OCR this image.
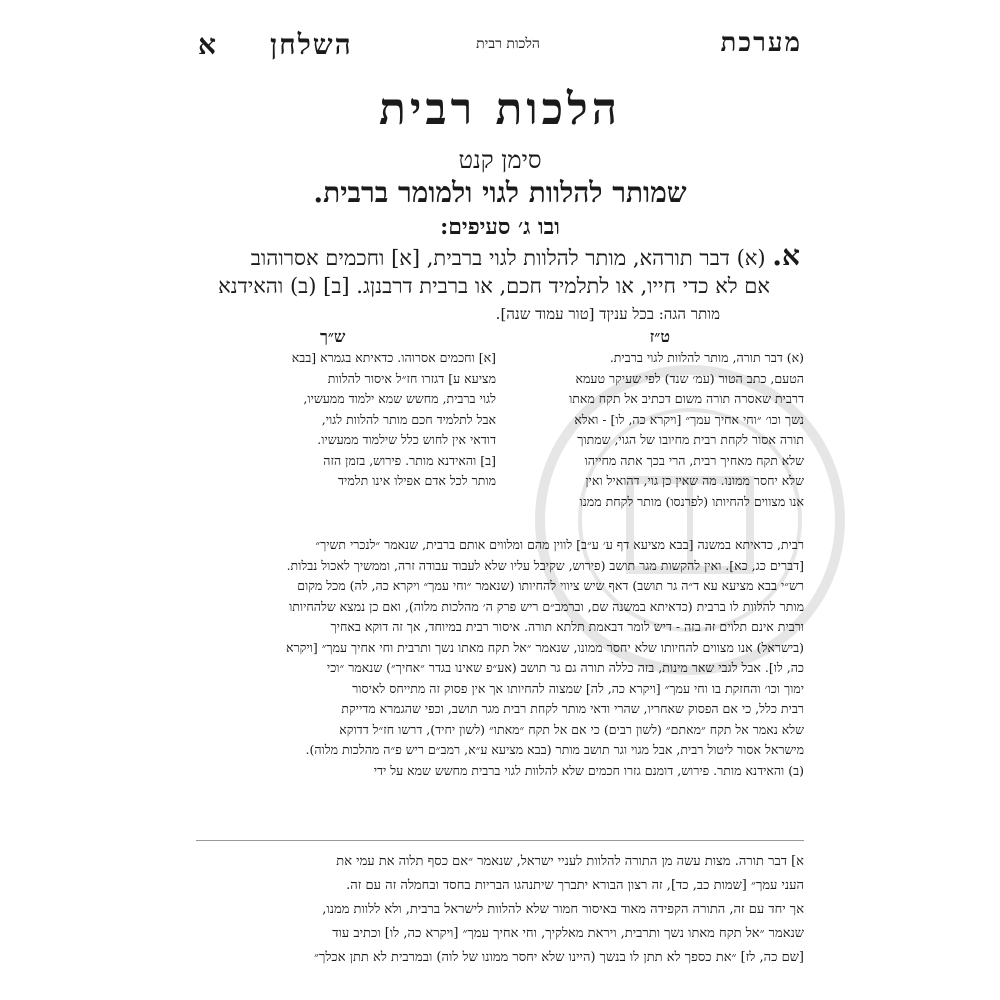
מערכת
הלכות רבית
השלחן
א
הלכות רבית
סימן קנט
שמותר להלוות לגוי ולמומר ברבית.
ובו ג׳ סעיפים:
א. (א) דבר תורהא, מותר להלוות לגוי ברבית, [א] וחכמים אסרוהוב
אם לא כדי חייו, או לתלמיד חכם, או ברבית דרבנןג. [ב] (ב) והאידנא
מותר הגה: בכל עניןד [טור עמוד שנה].
ט״ז
ש״ך
(א) דבר תורה, מותר להלוות לגוי ברבית.
הטעם, כתב הטור (עמ׳ שנד) לפי שעיקר טעמא
דרבית שאסרה תורה משום דכתיב אל תקח מאתו
נשך וכו׳ ״וחי אחיך עמך״ [ויקרא כה, לו] - ואלא
תורה אסור לקחת רבית מחיובו של הגוי, שמתוך
שלא תקח מאחיך רבית, הרי בכך אתה מחייהו
שלא יחסר ממונו. מה שאין כן גוי, דהואיל ואין
אנו מצווים להחיותו (לפרנסו) מותר לקחת ממנו
[א] וחכמים אסרוהו. כדאיתא בגמרא [בבא
מציעא ע] דגזרו חז״ל איסור להלוות
לגוי ברבית, מחשש שמא ילמוד ממעשיו,
אבל לתלמיד חכם מותר להלוות לגוי,
דודאי אין לחוש כלל שילמוד ממעשיו.
[ב] והאידנא מותר. פירוש, בזמן הזה
מותר לכל אדם אפילו אינו תלמיד
רבית, כדאיתא במשנה [בבא מציעא דף ע׳ ע״ב] לווין מהם ומלווים אותם ברבית, שנאמר ״לנכרי תשיך״
[דברים כג, כא]. ואין להקשות מגר תושב (פירוש, שקיבל עליו שלא לעבוד עבודה זרה, וממשיך לאכול נבלות.
רש״י בבא מציעא עא ד״ה גר תושב) דאף שיש ציווי להחיותו (שנאמר ״וחי עמך״ ויקרא כה, לה) מכל מקום
מותר להלוות לו ברבית (כדאיתא במשנה שם, וברמב״ם ריש פרק ה׳ מהלכות מלוה), ואם כן נמצא שלהחיותו
ורבית אינם תלוים זה בזה - דיש לומר דבאמת תלתא תורה. איסור רבית במיוחד, אך זה דוקא באחיך
(בישראל) אנו מצווים להחיותו שלא יחסר ממונו, שנאמר ״אל תקח מאתו נשך ותרבית וחי אחיך עמך״ [ויקרא
כה, לו]. אבל לגבי שאר מינות, בזה כללה תורה גם גר תושב (אע״פ שאינו בגדר ״אחיך״) שנאמר ״וכי
ימוך וכו׳ והחזקת בו וחי עמך״ [ויקרא כה, לה] שמצוה להחיותו אך אין פסוק זה מתייחס לאיסור
רבית כלל, כי אם הפסוק שאחריו, שהרי ודאי מותר לקחת רבית מגר תושב, וכפי שהגמרא מדייקת
שלא נאמר אל תקח ״מאתם״ (לשון רבים) כי אם אל תקח ״מאתו״ (לשון יחיד), דרשו חז״ל דדוקא
מישראל אסור ליטול רבית, אבל מגוי וגר תושב מותר (בבא מציעא ע״א, רמב״ם ריש פ״ה מהלכות מלוה).
(ב) והאידנא מותר. פירוש, דומנם גזרו חכמים שלא להלוות לגוי ברבית מחשש שמא על ידי
א] דבר תורה. מצות עשה מן התורה להלוות לעניי ישראל, שנאמר ״אם כסף תלוה את עמי את
העני עמך״ [שמות כב, כד], זה רצון הבורא יתברך שיתנהגו הבריות בחסד ובחמלה זה עם זה.
אך יחד עם זה, התורה הקפידה מאוד באיסור חמור שלא להלוות לישראל ברבית, ולא ללוות ממנו,
שנאמר ״אל תקח מאתו נשך ותרבית, ויראת מאלקיך, וחי אחיך עמך״ [ויקרא כה, לו] וכתיב עוד
[שם כה, לז] ״את כספך לא תתן לו בנשך (היינו שלא יחסר ממונו של לוה) ובמרבית לא תתן אכלך״
